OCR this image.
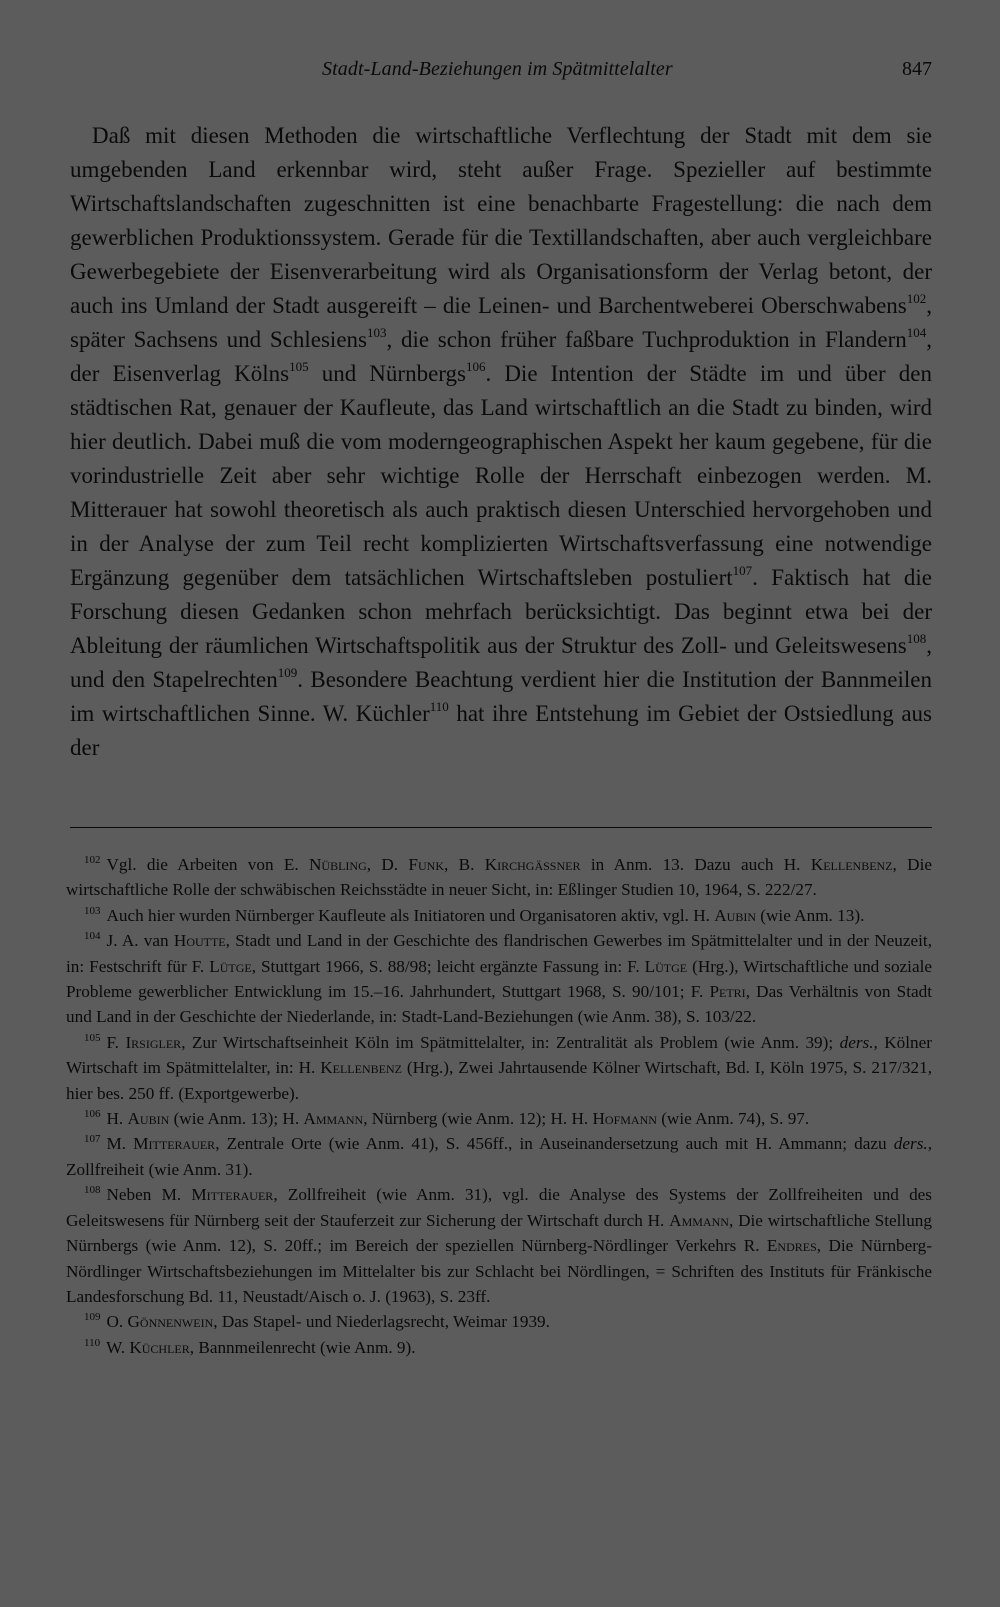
Stadt-Land-Beziehungen im Spätmittelalter	847

Daß mit diesen Methoden die wirtschaftliche Verflechtung der Stadt mit dem sie umgebenden Land erkennbar wird, steht außer Frage. Spezieller auf bestimmte Wirtschaftslandschaften zugeschnitten ist eine benachbarte Fragestellung: die nach dem gewerblichen Produktionssystem. Gerade für die Textillandschaften, aber auch vergleichbare Gewerbegebiete der Eisenverarbeitung wird als Organisationsform der Verlag betont, der auch ins Umland der Stadt ausgereift – die Leinen- und Barchentweberei Oberschwabens$^{102}$, später Sachsens und Schlesiens$^{103}$, die schon früher faßbare Tuchproduktion in Flandern$^{104}$, der Eisenverlag Kölns$^{105}$ und Nürnbergs$^{106}$. Die Intention der Städte im und über den städtischen Rat, genauer der Kaufleute, das Land wirtschaftlich an die Stadt zu binden, wird hier deutlich. Dabei muß die vom moderngeographischen Aspekt her kaum gegebene, für die vorindustrielle Zeit aber sehr wichtige Rolle der Herrschaft einbezogen werden. M. Mitterauer hat sowohl theoretisch als auch praktisch diesen Unterschied hervorgehoben und in der Analyse der zum Teil recht komplizierten Wirtschaftsverfassung eine notwendige Ergänzung gegenüber dem tatsächlichen Wirtschaftsleben postuliert$^{107}$. Faktisch hat die Forschung diesen Gedanken schon mehrfach berücksichtigt. Das beginnt etwa bei der Ableitung der räumlichen Wirtschaftspolitik aus der Struktur des Zoll- und Geleitswesens$^{108}$, und den Stapelrechten$^{109}$. Besondere Beachtung verdient hier die Institution der Bannmeilen im wirtschaftlichen Sinne. W. Küchler$^{110}$ hat ihre Entstehung im Gebiet der Ostsiedlung aus der

$^{102}$ Vgl. die Arbeiten von E. Nübling, D. Funk, B. Kirchgässner in Anm. 13. Dazu auch H. Kellenbenz, Die wirtschaftliche Rolle der schwäbischen Reichsstädte in neuer Sicht, in: Eßlinger Studien 10, 1964, S. 222/27.

$^{103}$ Auch hier wurden Nürnberger Kaufleute als Initiatoren und Organisatoren aktiv, vgl. H. Aubin (wie Anm. 13).

$^{104}$ J. A. van Houtte, Stadt und Land in der Geschichte des flandrischen Gewerbes im Spätmittelalter und in der Neuzeit, in: Festschrift für F. Lütge, Stuttgart 1966, S. 88/98; leicht ergänzte Fassung in: F. Lütge (Hrg.), Wirtschaftliche und soziale Probleme gewerblicher Entwicklung im 15.–16. Jahrhundert, Stuttgart 1968, S. 90/101; F. Petri, Das Verhältnis von Stadt und Land in der Geschichte der Niederlande, in: Stadt-Land-Beziehungen (wie Anm. 38), S. 103/22.

$^{105}$ F. Irsigler, Zur Wirtschaftseinheit Köln im Spätmittelalter, in: Zentralität als Problem (wie Anm. 39); ders., Kölner Wirtschaft im Spätmittelalter, in: H. Kellenbenz (Hrg.), Zwei Jahrtausende Kölner Wirtschaft, Bd. I, Köln 1975, S. 217/321, hier bes. 250 ff. (Exportgewerbe).

$^{106}$ H. Aubin (wie Anm. 13); H. Ammann, Nürnberg (wie Anm. 12); H. H. Hofmann (wie Anm. 74), S. 97.

$^{107}$ M. Mitterauer, Zentrale Orte (wie Anm. 41), S. 456ff., in Auseinandersetzung auch mit H. Ammann; dazu ders., Zollfreiheit (wie Anm. 31).

$^{108}$ Neben M. Mitterauer, Zollfreiheit (wie Anm. 31), vgl. die Analyse des Systems der Zollfreiheiten und des Geleitswesens für Nürnberg seit der Stauferzeit zur Sicherung der Wirtschaft durch H. Ammann, Die wirtschaftliche Stellung Nürnbergs (wie Anm. 12), S. 20ff.; im Bereich der speziellen Nürnberg-Nördlinger Verkehrs R. Endres, Die Nürnberg-Nördlinger Wirtschaftsbeziehungen im Mittelalter bis zur Schlacht bei Nördlingen, = Schriften des Instituts für Fränkische Landesforschung Bd. 11, Neustadt/Aisch o. J. (1963), S. 23ff.

$^{109}$ O. Gönnenwein, Das Stapel- und Niederlagsrecht, Weimar 1939.

$^{110}$ W. Küchler, Bannmeilenrecht (wie Anm. 9).
